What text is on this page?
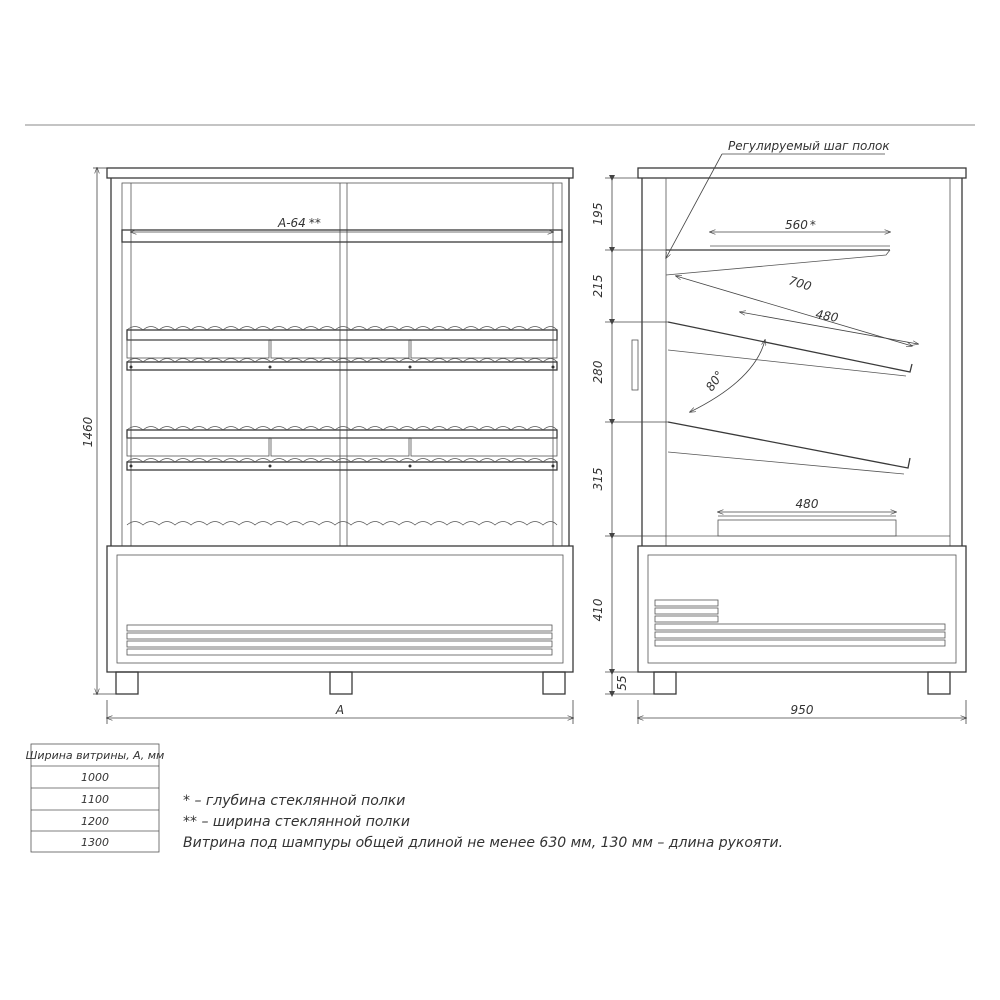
A-64 **
1460
A
Регулируемый шаг полок
560 *
700
480
80°
480
195
215
280
315
410
55
950
Ширина витрины, А, мм
1000
1100
1200
1300
* – глубина стеклянной полки
** – ширина стеклянной полки
Витрина под шампуры общей длиной не менее 630 мм, 130 мм – длина рукояти.
